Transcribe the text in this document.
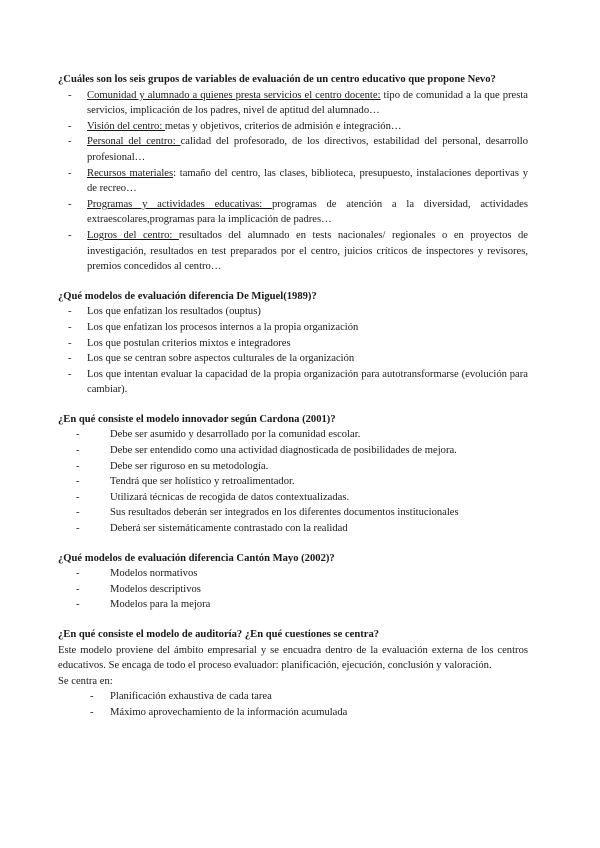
¿Cuáles son los seis grupos de variables de evaluación de un centro educativo que propone Nevo?

- Comunidad y alumnado a quienes presta servicios el centro docente: tipo de comunidad a la que presta servicios, implicación de los padres, nivel de aptitud del alumnado…
- Visión del centro: metas y objetivos, criterios de admisión e integración…
- Personal del centro: calidad del profesorado, de los directivos, estabilidad del personal, desarrollo profesional…
- Recursos materiales: tamaño del centro, las clases, biblioteca, presupuesto, instalaciones deportivas y de recreo…
- Programas y actividades educativas: programas de atención a la diversidad, actividades extraescolares,programas para la implicación de padres…
- Logros del centro: resultados del alumnado en tests nacionales/ regionales o en proyectos de investigación, resultados en test preparados por el centro, juicios críticos de inspectores y revisores, premios concedidos al centro…

¿Qué modelos de evaluación diferencia De Miguel(1989)?

- Los que enfatizan los resultados (ouptus)
- Los que enfatizan los procesos internos a la propia organización
- Los que postulan criterios mixtos e integradores
- Los que se centran sobre aspectos culturales de la organización
- Los que intentan evaluar la capacidad de la propia organización para autotransformarse (evolución para cambiar).

¿En qué consiste el modelo innovador según Cardona (2001)?

- Debe ser asumido y desarrollado por la comunidad escolar.
- Debe ser entendido como una actividad diagnosticada de posibilidades de mejora.
- Debe ser riguroso en su metodología.
- Tendrá que ser holístico y retroalimentador.
- Utilizará técnicas de recogida de datos contextualizadas.
- Sus resultados deberán ser integrados en los diferentes documentos institucionales
- Deberá ser sistemáticamente contrastado con la realidad

¿Qué modelos de evaluación diferencia Cantón Mayo (2002)?

- Modelos normativos
- Modelos descriptivos
- Modelos para la mejora

¿En qué consiste el modelo de auditoría? ¿En qué cuestiones se centra?

Este modelo proviene del ámbito empresarial y se encuadra dentro de la evaluación externa de los centros educativos. Se encaga de todo el proceso evaluador: planificación, ejecución, conclusión y valoración.

Se centra en:

- Planificación exhaustiva de cada tarea
- Máximo aprovechamiento de la información acumulada
